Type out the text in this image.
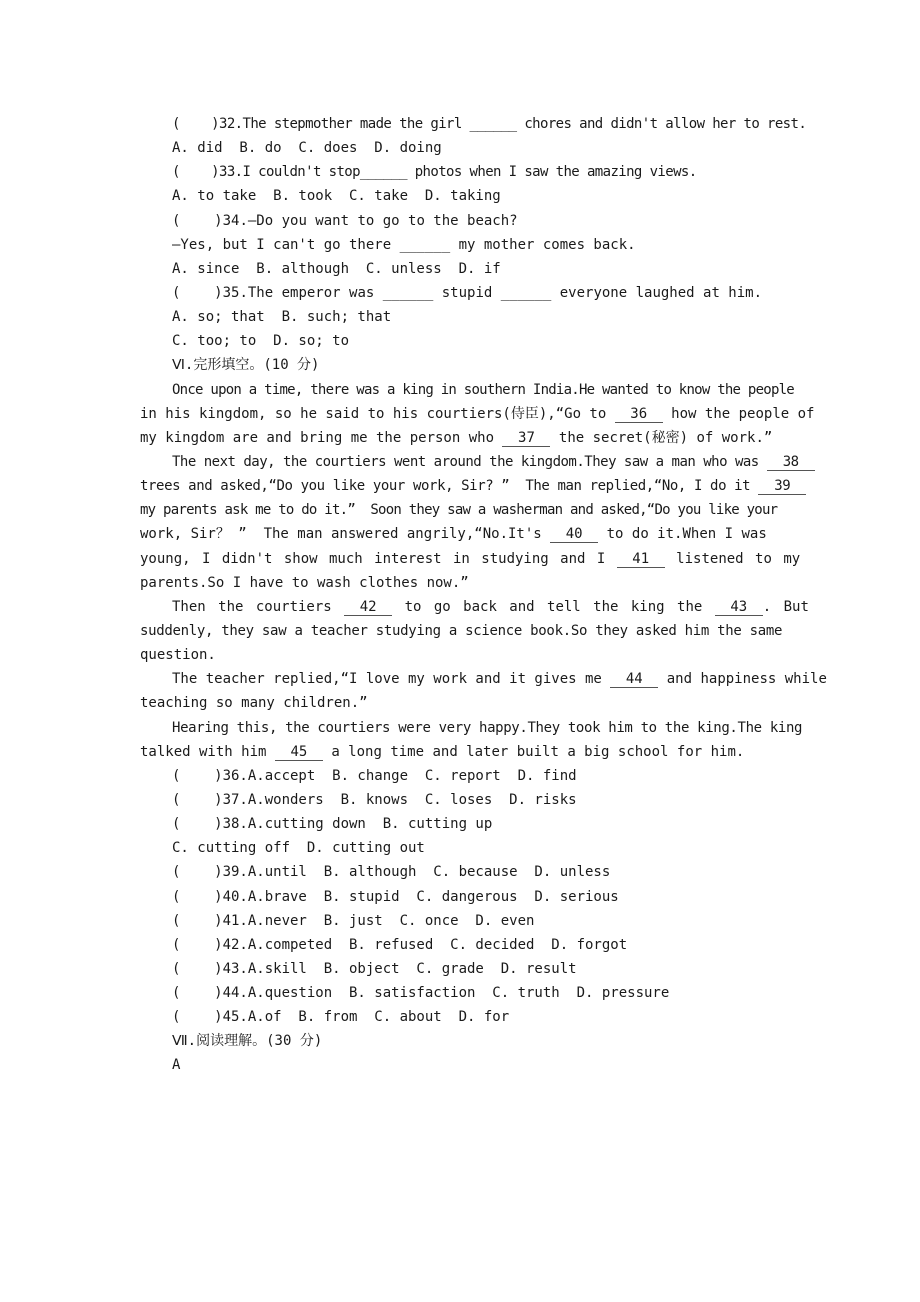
(    )32.The stepmother made the girl ______ chores and didn't allow her to rest.
A. did  B. do  C. does  D. doing
(    )33.I couldn't stop______ photos when I saw the amazing views.
A. to take  B. took  C. take  D. taking
(    )34.—Do you want to go to the beach?
—Yes, but I can't go there ______ my mother comes back.
A. since  B. although  C. unless  D. if
(    )35.The emperor was ______ stupid ______ everyone laughed at him.
A. so; that  B. such; that
C. too; to  D. so; to
Ⅵ.完形填空。(10 分)
Once upon a time, there was a king in southern India.He wanted to know the people
in his kingdom, so he said to his courtiers(侍臣),“Go to 36 how the people of
my kingdom are and bring me the person who 37 the secret(秘密) of work.”
The next day, the courtiers went around the kingdom.They saw a man who was 38
trees and asked,“Do you like your work, Sir? ”  The man replied,“No, I do it 39
my parents ask me to do it.”  Soon they saw a washerman and asked,“Do you like your
work, Sir？ ”  The man answered angrily,“No.It's 40 to do it.When I was
young, I didn't show much interest in studying and I 41 listened to my
parents.So I have to wash clothes now.”
Then the courtiers 42 to go back and tell the king the 43 . But
suddenly, they saw a teacher studying a science book.So they asked him the same
question.
The teacher replied,“I love my work and it gives me 44 and happiness while
teaching so many children.”
Hearing this, the courtiers were very happy.They took him to the king.The king
talked with him 45 a long time and later built a big school for him.
(    )36.A.accept  B. change  C. report  D. find
(    )37.A.wonders  B. knows  C. loses  D. risks
(    )38.A.cutting down  B. cutting up
C. cutting off  D. cutting out
(    )39.A.until  B. although  C. because  D. unless
(    )40.A.brave  B. stupid  C. dangerous  D. serious
(    )41.A.never  B. just  C. once  D. even
(    )42.A.competed  B. refused  C. decided  D. forgot
(    )43.A.skill  B. object  C. grade  D. result
(    )44.A.question  B. satisfaction  C. truth  D. pressure
(    )45.A.of  B. from  C. about  D. for
Ⅶ.阅读理解。(30 分)
A
